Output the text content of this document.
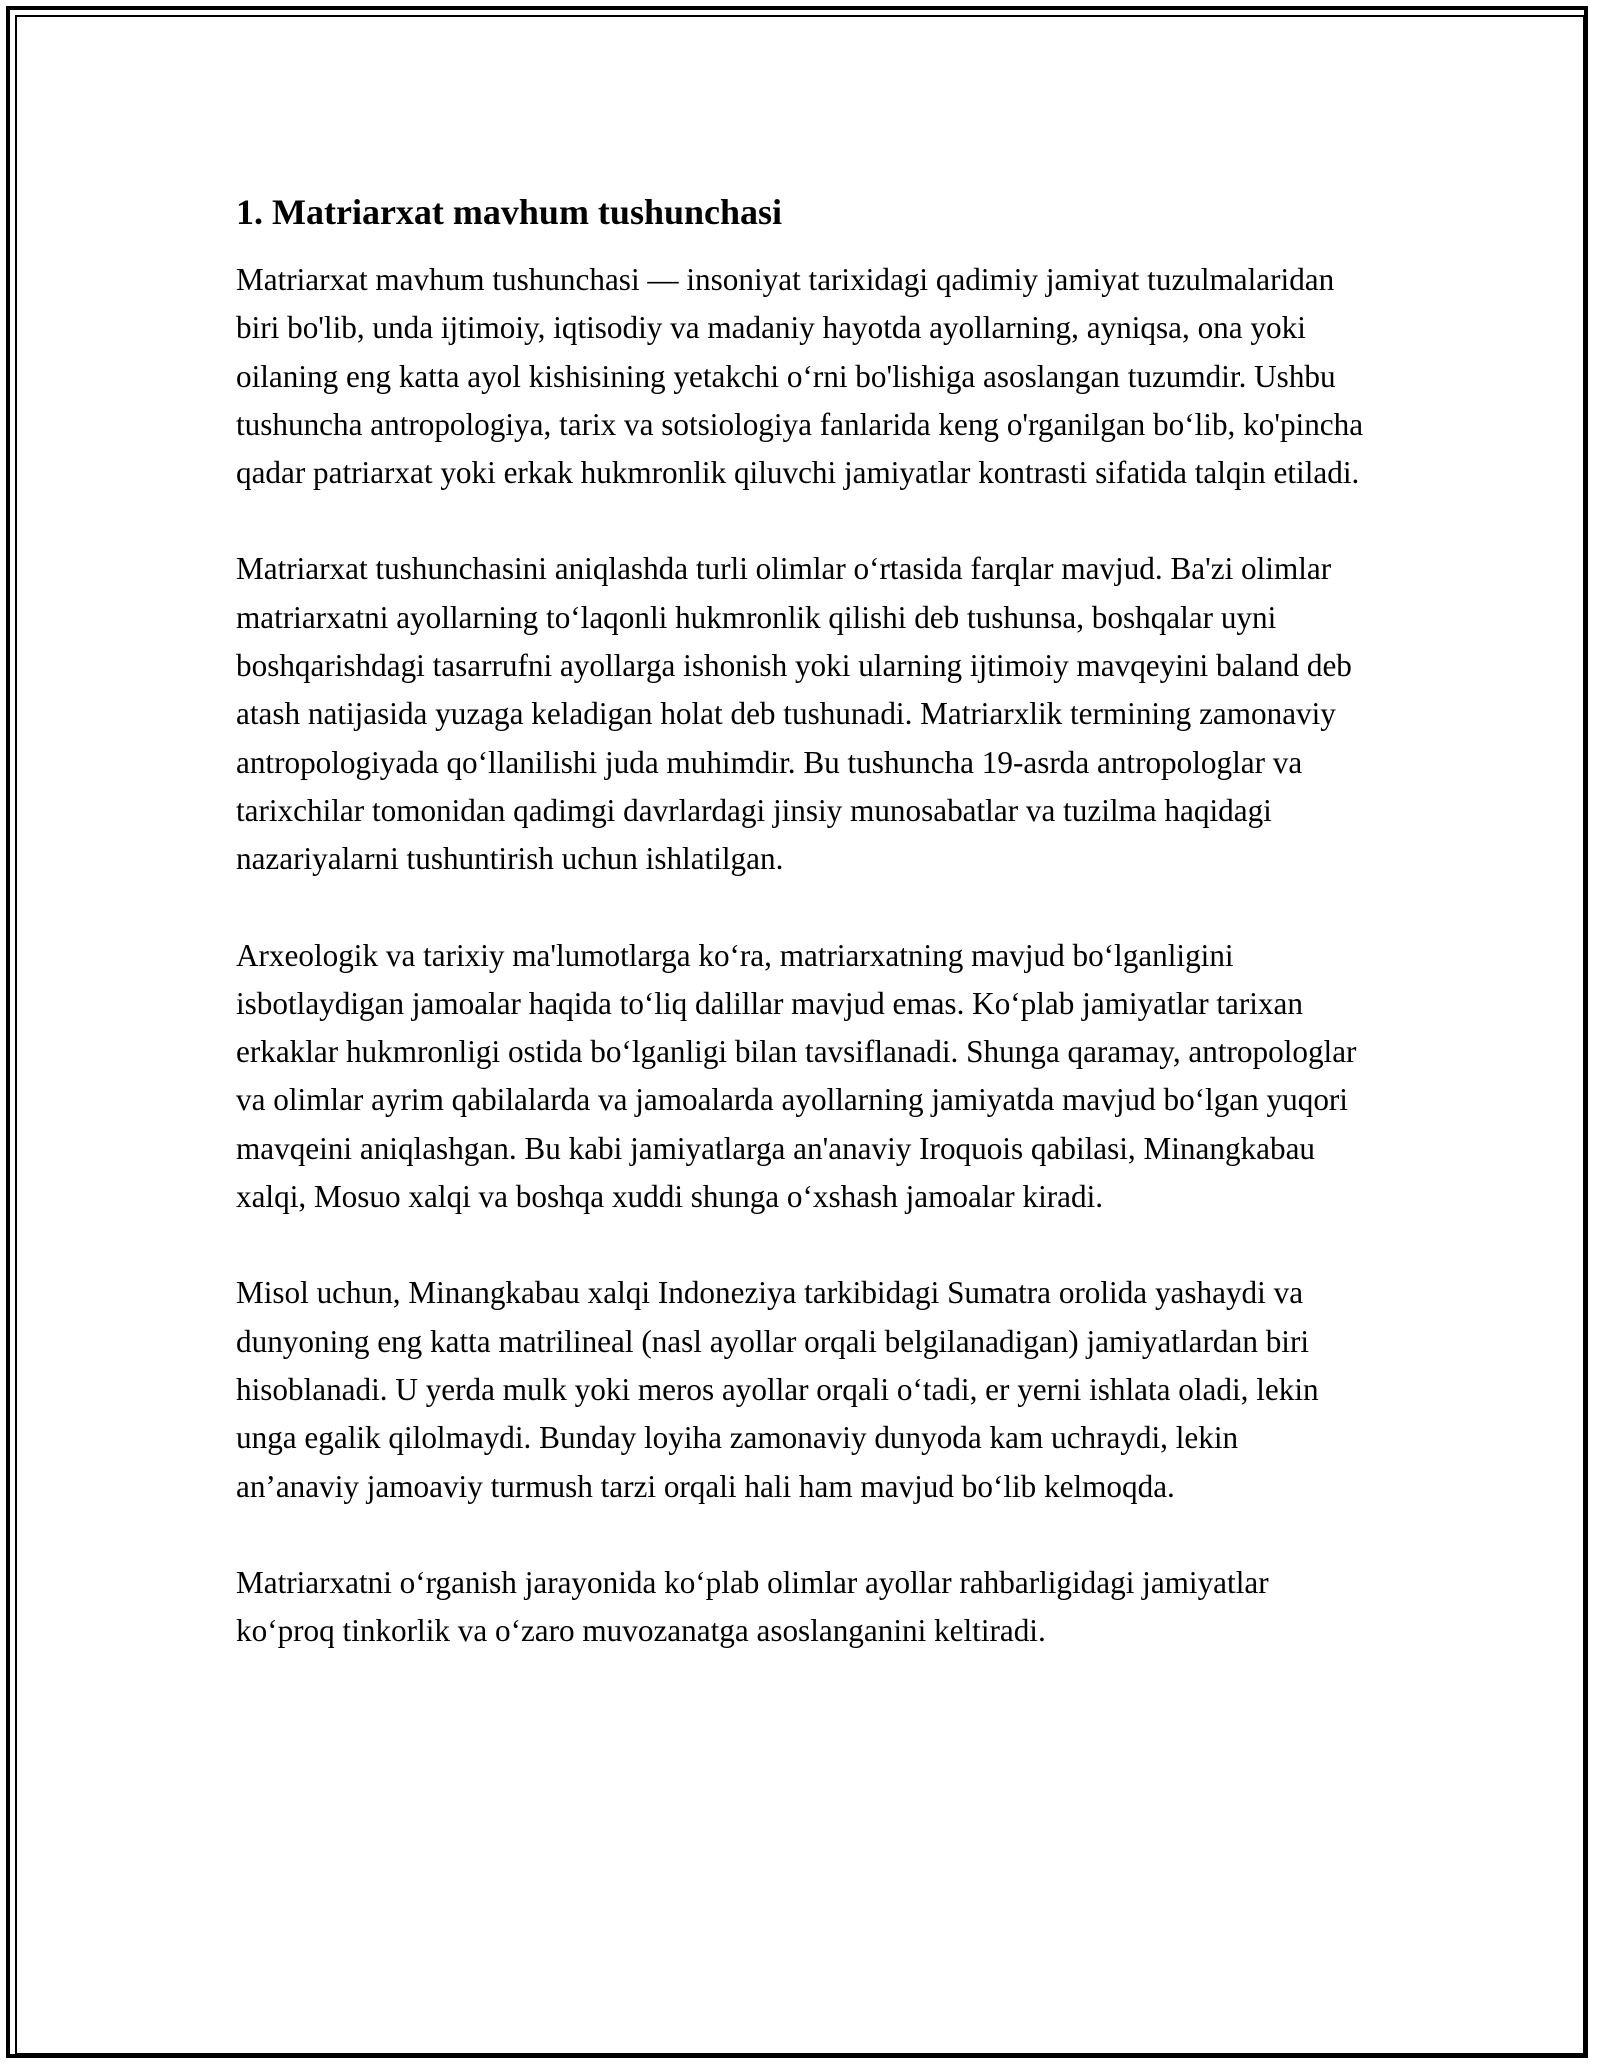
1. Matriarxat mavhum tushunchasi

Matriarxat mavhum tushunchasi — insoniyat tarixidagi qadimiy jamiyat tuzulmalaridan biri bo'lib, unda ijtimoiy, iqtisodiy va madaniy hayotda ayollarning, ayniqsa, ona yoki oilaning eng katta ayol kishisining yetakchi oʻrni bo'lishiga asoslangan tuzumdir. Ushbu tushuncha antropologiya, tarix va sotsiologiya fanlarida keng o'rganilgan boʻlib, ko'pincha qadar patriarxat yoki erkak hukmronlik qiluvchi jamiyatlar kontrasti sifatida talqin etiladi.

Matriarxat tushunchasini aniqlashda turli olimlar oʻrtasida farqlar mavjud. Ba'zi olimlar matriarxatni ayollarning toʻlaqonli hukmronlik qilishi deb tushunsa, boshqalar uyni boshqarishdagi tasarrufni ayollarga ishonish yoki ularning ijtimoiy mavqeyini baland deb atash natijasida yuzaga keladigan holat deb tushunadi. Matriarxlik termining zamonaviy antropologiyada qoʻllanilishi juda muhimdir. Bu tushuncha 19-asrda antropologlar va tarixchilar tomonidan qadimgi davrlardagi jinsiy munosabatlar va tuzilma haqidagi nazariyalarni tushuntirish uchun ishlatilgan.

Arxeologik va tarixiy ma'lumotlarga koʻra, matriarxatning mavjud boʻlganligini isbotlaydigan jamoalar haqida toʻliq dalillar mavjud emas. Koʻplab jamiyatlar tarixan erkaklar hukmronligi ostida boʻlganligi bilan tavsiflanadi. Shunga qaramay, antropologlar va olimlar ayrim qabilalarda va jamoalarda ayollarning jamiyatda mavjud boʻlgan yuqori mavqeini aniqlashgan. Bu kabi jamiyatlarga an'anaviy Iroquois qabilasi, Minangkabau xalqi, Mosuo xalqi va boshqa xuddi shunga oʻxshash jamoalar kiradi.

Misol uchun, Minangkabau xalqi Indoneziya tarkibidagi Sumatra orolida yashaydi va dunyoning eng katta matrilineal (nasl ayollar orqali belgilanadigan) jamiyatlardan biri hisoblanadi. U yerda mulk yoki meros ayollar orqali oʻtadi, er yerni ishlata oladi, lekin unga egalik qilolmaydi. Bunday loyiha zamonaviy dunyoda kam uchraydi, lekin an’anaviy jamoaviy turmush tarzi orqali hali ham mavjud boʻlib kelmoqda.

Matriarxatni oʻrganish jarayonida koʻplab olimlar ayollar rahbarligidagi jamiyatlar koʻproq tinkorlik va oʻzaro muvozanatga asoslanganini keltiradi.
